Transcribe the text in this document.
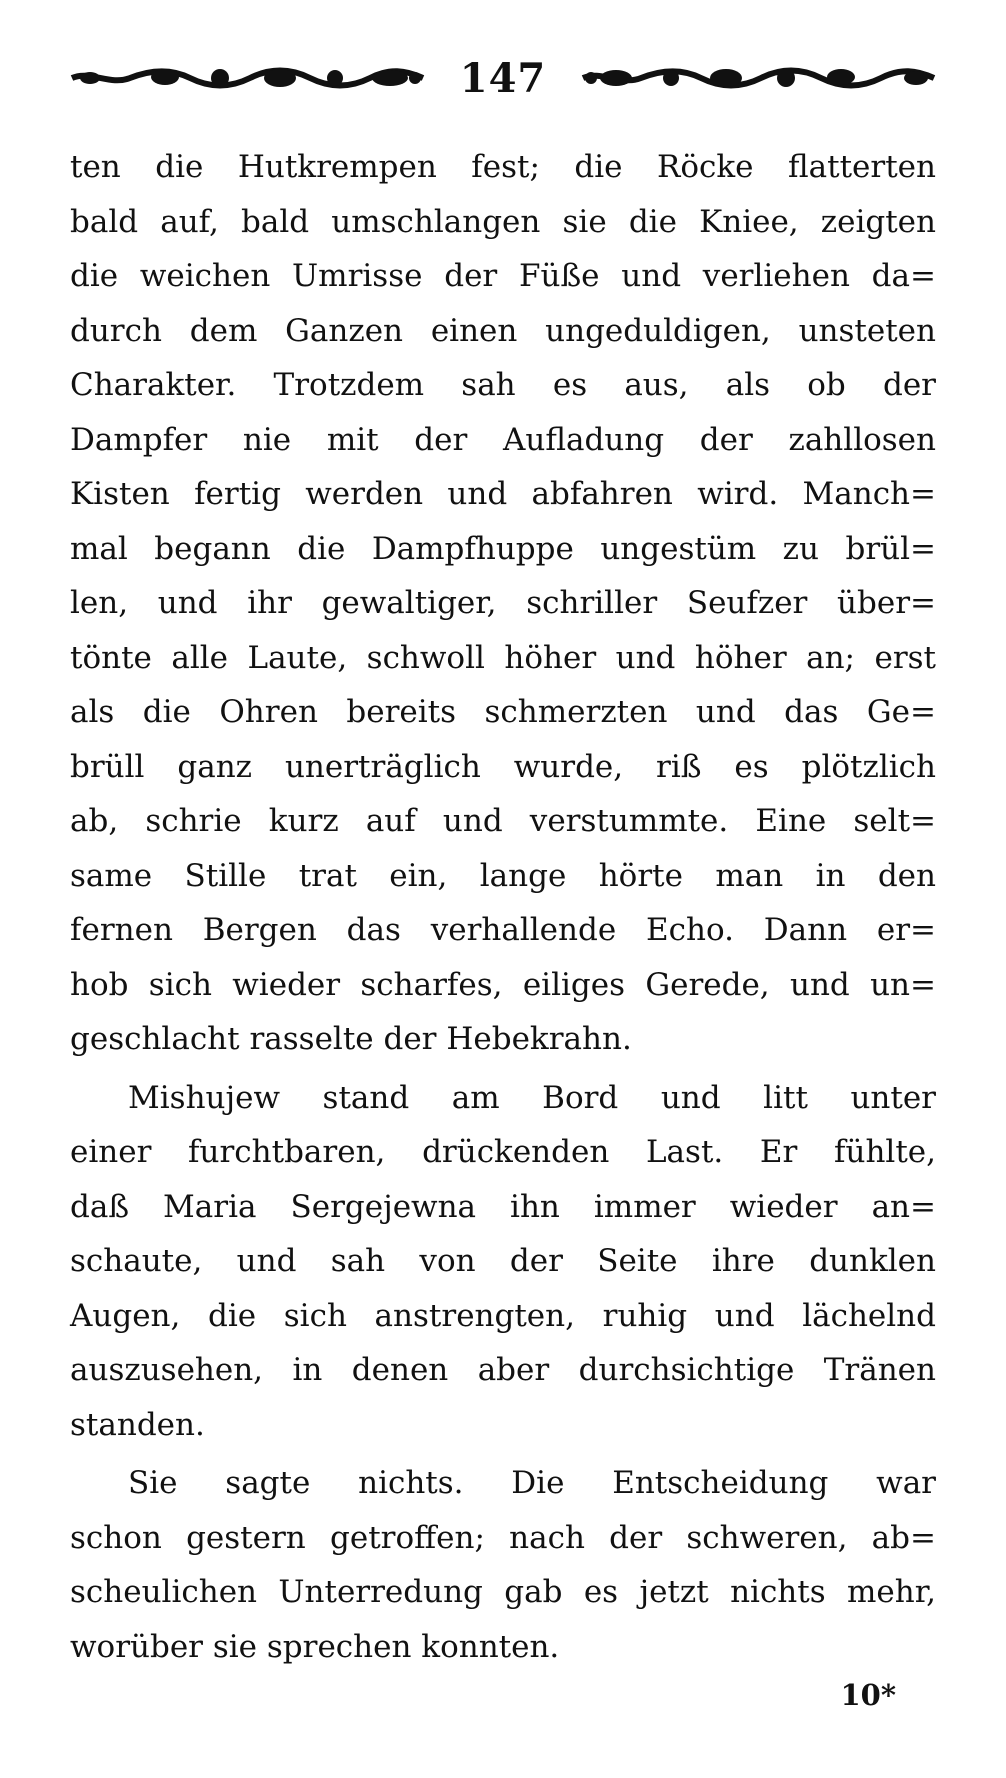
147
ten die Hutkrempen fest; die Röcke flatterten
bald auf, bald umschlangen sie die Kniee, zeigten
die weichen Umrisse der Füße und verliehen da=
durch dem Ganzen einen ungeduldigen, unsteten
Charakter. Trotzdem sah es aus, als ob der
Dampfer nie mit der Aufladung der zahllosen
Kisten fertig werden und abfahren wird. Manch=
mal begann die Dampfhuppe ungestüm zu brül=
len, und ihr gewaltiger, schriller Seufzer über=
tönte alle Laute, schwoll höher und höher an; erst
als die Ohren bereits schmerzten und das Ge=
brüll ganz unerträglich wurde, riß es plötzlich
ab, schrie kurz auf und verstummte. Eine selt=
same Stille trat ein, lange hörte man in den
fernen Bergen das verhallende Echo. Dann er=
hob sich wieder scharfes, eiliges Gerede, und un=
geschlacht rasselte der Hebekrahn.
Mishujew stand am Bord und litt unter
einer furchtbaren, drückenden Last. Er fühlte,
daß Maria Sergejewna ihn immer wieder an=
schaute, und sah von der Seite ihre dunklen
Augen, die sich anstrengten, ruhig und lächelnd
auszusehen, in denen aber durchsichtige Tränen
standen.
Sie sagte nichts. Die Entscheidung war
schon gestern getroffen; nach der schweren, ab=
scheulichen Unterredung gab es jetzt nichts mehr,
worüber sie sprechen konnten.
10*
